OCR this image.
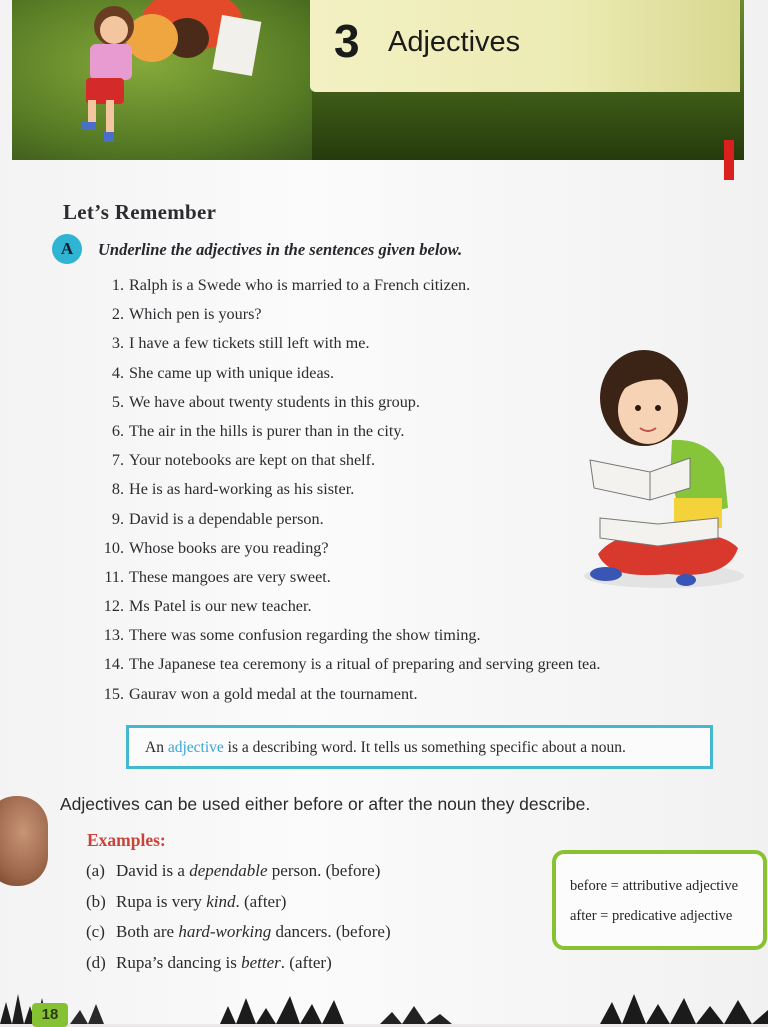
3 Adjectives
Let’s Remember
A	Underline the adjectives in the sentences given below.
1. Ralph is a Swede who is married to a French citizen.
2. Which pen is yours?
3. I have a few tickets still left with me.
4. She came up with unique ideas.
5. We have about twenty students in this group.
6. The air in the hills is purer than in the city.
7. Your notebooks are kept on that shelf.
8. He is as hard-working as his sister.
9. David is a dependable person.
10. Whose books are you reading?
11. These mangoes are very sweet.
12. Ms Patel is our new teacher.
13. There was some confusion regarding the show timing.
14. The Japanese tea ceremony is a ritual of preparing and serving green tea.
15. Gaurav won a gold medal at the tournament.
An adjective is a describing word. It tells us something specific about a noun.
Adjectives can be used either before or after the noun they describe.
Examples:
(a) David is a dependable person. (before)
(b) Rupa is very kind. (after)
(c) Both are hard-working dancers. (before)
(d) Rupa’s dancing is better. (after)
before = attributive adjective
after = predicative adjective
18
